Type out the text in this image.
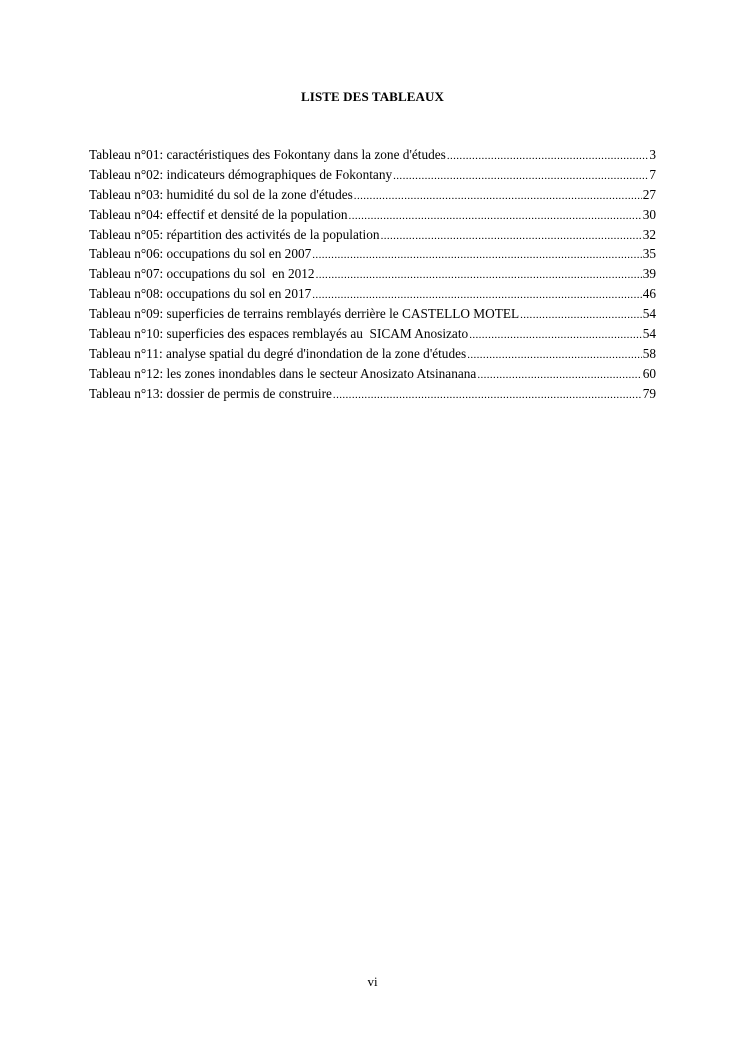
LISTE DES TABLEAUX
Tableau n°01: caractéristiques des Fokontany dans la zone d'études .....	3
Tableau n°02: indicateurs démographiques de Fokontany .....	7
Tableau n°03: humidité du sol de la zone d'études .....	27
Tableau n°04: effectif et densité de la population .....	30
Tableau n°05: répartition des activités de la population .....	32
Tableau n°06: occupations du sol en 2007 .....	35
Tableau n°07: occupations du sol  en 2012 .....	39
Tableau n°08: occupations du sol en 2017 .....	46
Tableau n°09: superficies de terrains remblayés derrière le CASTELLO MOTEL .....	54
Tableau n°10: superficies des espaces remblayés au  SICAM Anosizato .....	54
Tableau n°11: analyse spatial du degré d'inondation de la zone d'études .....	58
Tableau n°12: les zones inondables dans le secteur Anosizato Atsinanana .....	60
Tableau n°13: dossier de permis de construire .....	79
vi
